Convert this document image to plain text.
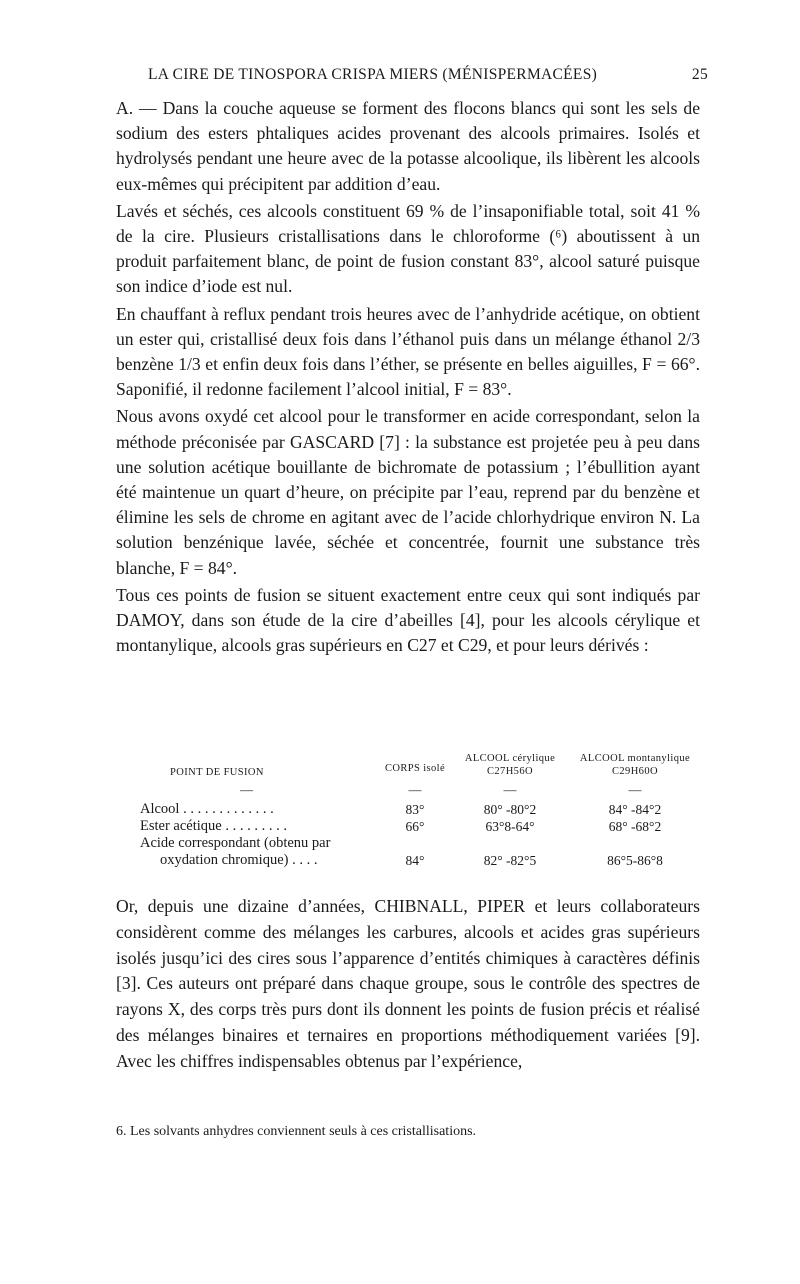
LA CIRE DE TINOSPORA CRISPA MIERS (MÉNISPERMACÉES)	25

A. — Dans la couche aqueuse se forment des flocons blancs qui sont les sels de sodium des esters phtaliques acides provenant des alcools primaires. Isolés et hydrolysés pendant une heure avec de la potasse alcoolique, ils libèrent les alcools eux-mêmes qui précipitent par addition d’eau.

Lavés et séchés, ces alcools constituent 69 % de l’insaponifiable total, soit 41 % de la cire. Plusieurs cristallisations dans le chloroforme (⁶) aboutissent à un produit parfaitement blanc, de point de fusion constant 83°, alcool saturé puisque son indice d’iode est nul.

En chauffant à reflux pendant trois heures avec de l’anhydride acétique, on obtient un ester qui, cristallisé deux fois dans l’éthanol puis dans un mélange éthanol 2/3 benzène 1/3 et enfin deux fois dans l’éther, se présente en belles aiguilles, F = 66°. Saponifié, il redonne facilement l’alcool initial, F = 83°.

Nous avons oxydé cet alcool pour le transformer en acide correspondant, selon la méthode préconisée par GASCARD [7] : la substance est projetée peu à peu dans une solution acétique bouillante de bichromate de potassium ; l’ébullition ayant été maintenue un quart d’heure, on précipite par l’eau, reprend par du benzène et élimine les sels de chrome en agitant avec de l’acide chlorhydrique environ N. La solution benzénique lavée, séchée et concentrée, fournit une substance très blanche, F = 84°.

Tous ces points de fusion se situent exactement entre ceux qui sont indiqués par DAMOY, dans son étude de la cire d’abeilles [4], pour les alcools cérylique et montanylique, alcools gras supérieurs en C27 et C29, et pour leurs dérivés :

POINT DE FUSION	CORPS isolé	ALCOOL cérylique C27H56O	ALCOOL montanylique C29H60O
—	—	—	—
Alcool . . . . . . . . . . . . .	83°	80° -80°2	84° -84°2
Ester acétique . . . . . . . . .	66°	63°8-64°	68° -68°2
Acide correspondant (obtenu par			
oxydation chromique) . . . .	84°	82° -82°5	86°5-86°8
Or, depuis une dizaine d’années, CHIBNALL, PIPER et leurs collaborateurs considèrent comme des mélanges les carbures, alcools et acides gras supérieurs isolés jusqu’ici des cires sous l’apparence d’entités chimiques à caractères définis [3]. Ces auteurs ont préparé dans chaque groupe, sous le contrôle des spectres de rayons X, des corps très purs dont ils donnent les points de fusion précis et réalisé des mélanges binaires et ternaires en proportions méthodiquement variées [9]. Avec les chiffres indispensables obtenus par l’expérience,
6. Les solvants anhydres conviennent seuls à ces cristallisations.
